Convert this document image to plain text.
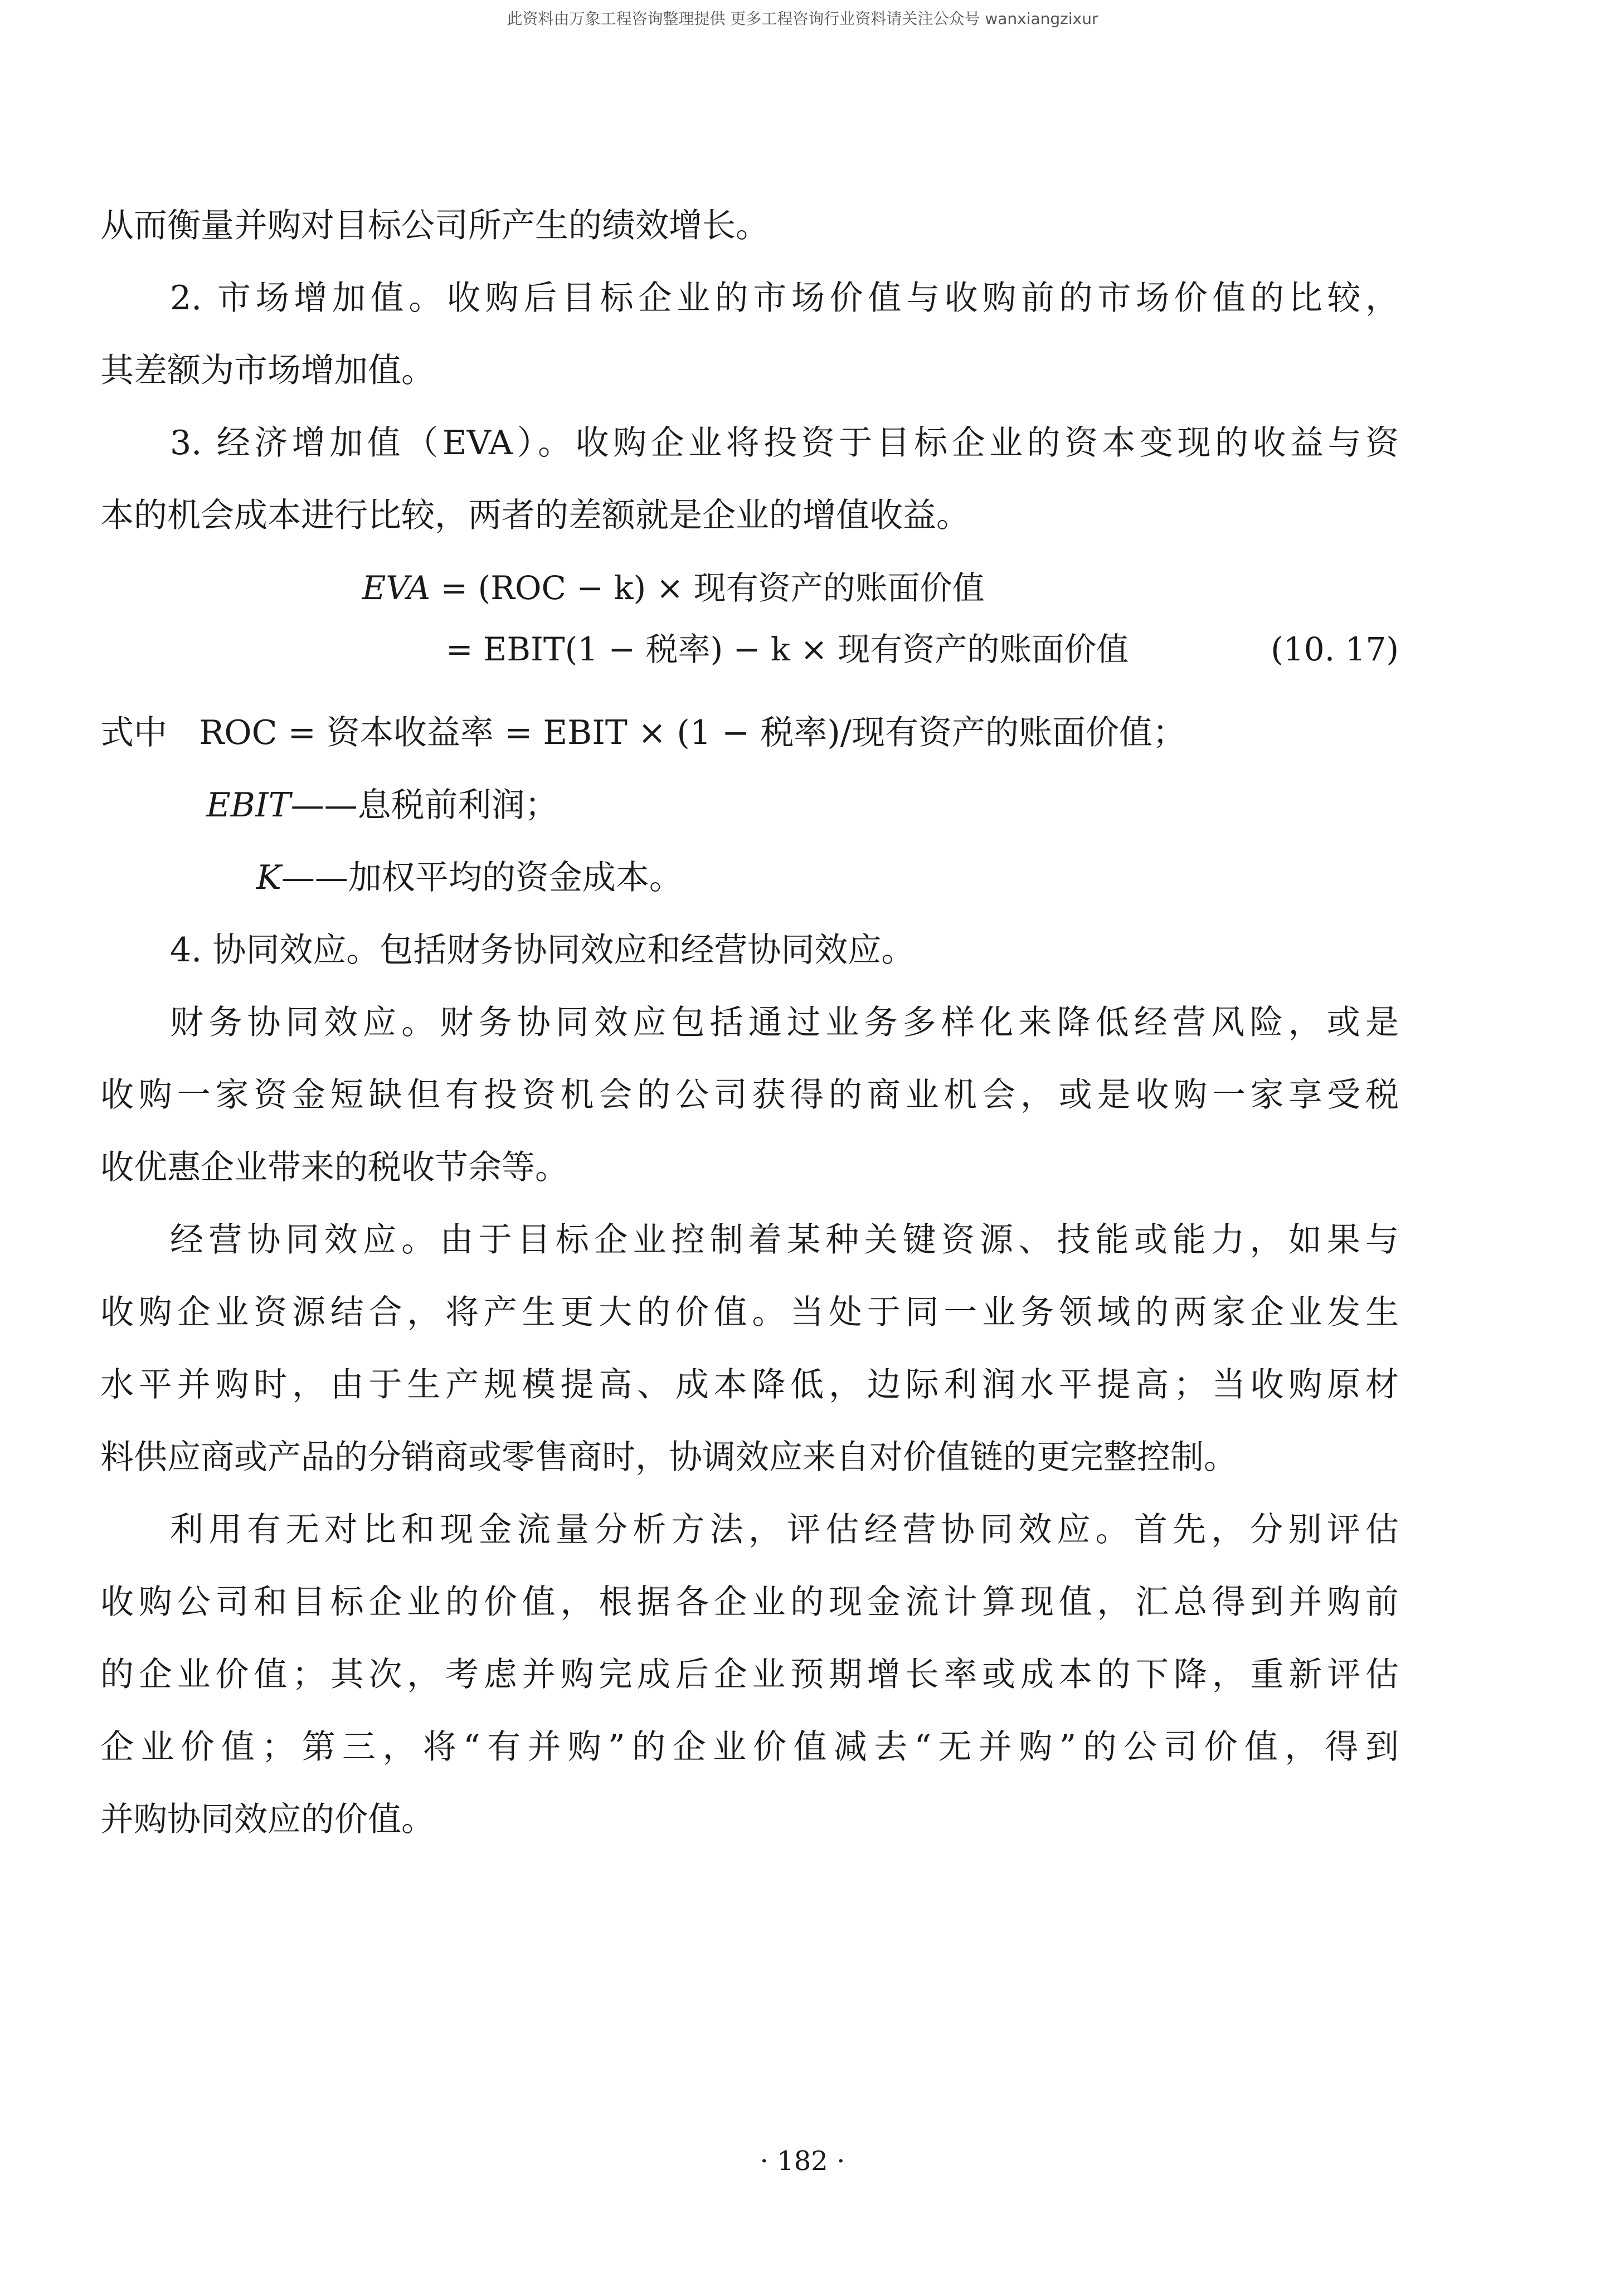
此资料由万象工程咨询整理提供 更多工程咨询行业资料请关注公众号 wanxiangzixur
从而衡量并购对目标公司所产生的绩效增长。
2. 市场增加值。收购后目标企业的市场价值与收购前的市场价值的比较，
其差额为市场增加值。
3. 经济增加值（EVA）。收购企业将投资于目标企业的资本变现的收益与资
本的机会成本进行比较，两者的差额就是企业的增值收益。
EVA = (ROC − k) × 现有资产的账面价值
= EBIT(1 − 税率) − k × 现有资产的账面价值	(10. 17)
式中 ROC = 资本收益率 = EBIT × (1 − 税率)/现有资产的账面价值；
EBIT——息税前利润；
K——加权平均的资金成本。
4. 协同效应。包括财务协同效应和经营协同效应。
财务协同效应。财务协同效应包括通过业务多样化来降低经营风险，或是
收购一家资金短缺但有投资机会的公司获得的商业机会，或是收购一家享受税
收优惠企业带来的税收节余等。
经营协同效应。由于目标企业控制着某种关键资源、技能或能力，如果与
收购企业资源结合，将产生更大的价值。当处于同一业务领域的两家企业发生
水平并购时，由于生产规模提高、成本降低，边际利润水平提高；当收购原材
料供应商或产品的分销商或零售商时，协调效应来自对价值链的更完整控制。
利用有无对比和现金流量分析方法，评估经营协同效应。首先，分别评估
收购公司和目标企业的价值，根据各企业的现金流计算现值，汇总得到并购前
的企业价值；其次，考虑并购完成后企业预期增长率或成本的下降，重新评估
企业价值；第三，将“有并购”的企业价值减去“无并购”的公司价值，得到
并购协同效应的价值。
· 182 ·
